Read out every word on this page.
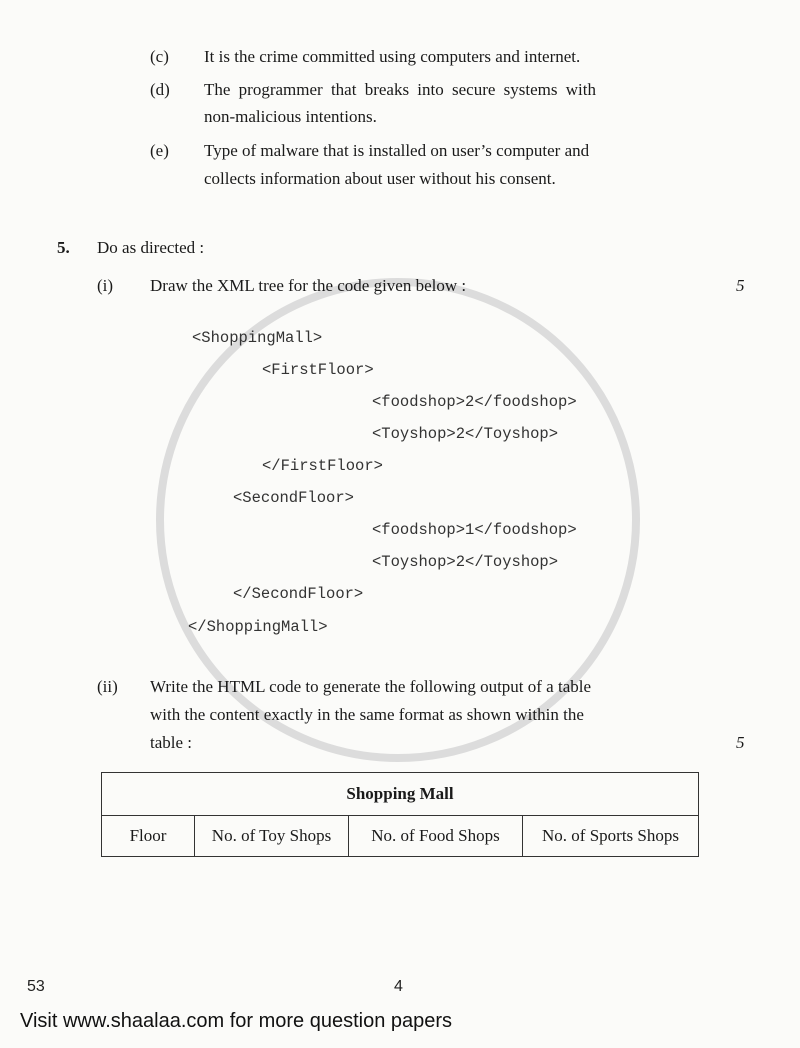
(c) It is the crime committed using computers and internet.
(d) The programmer that breaks into secure systems with
non-malicious intentions.
(e) Type of malware that is installed on user’s computer and
collects information about user without his consent.
5. Do as directed :
(i) Draw the XML tree for the code given below :	5
<ShoppingMall>
<FirstFloor>
<foodshop>2</foodshop>
<Toyshop>2</Toyshop>
</FirstFloor>
<SecondFloor>
<foodshop>1</foodshop>
<Toyshop>2</Toyshop>
</SecondFloor>
</ShoppingMall>
(ii) Write the HTML code to generate the following output of a table
with the content exactly in the same format as shown within the
table :	5
Shopping Mall
Floor	No. of Toy Shops	No. of Food Shops	No. of Sports Shops
53	4
Visit www.shaalaa.com for more question papers
